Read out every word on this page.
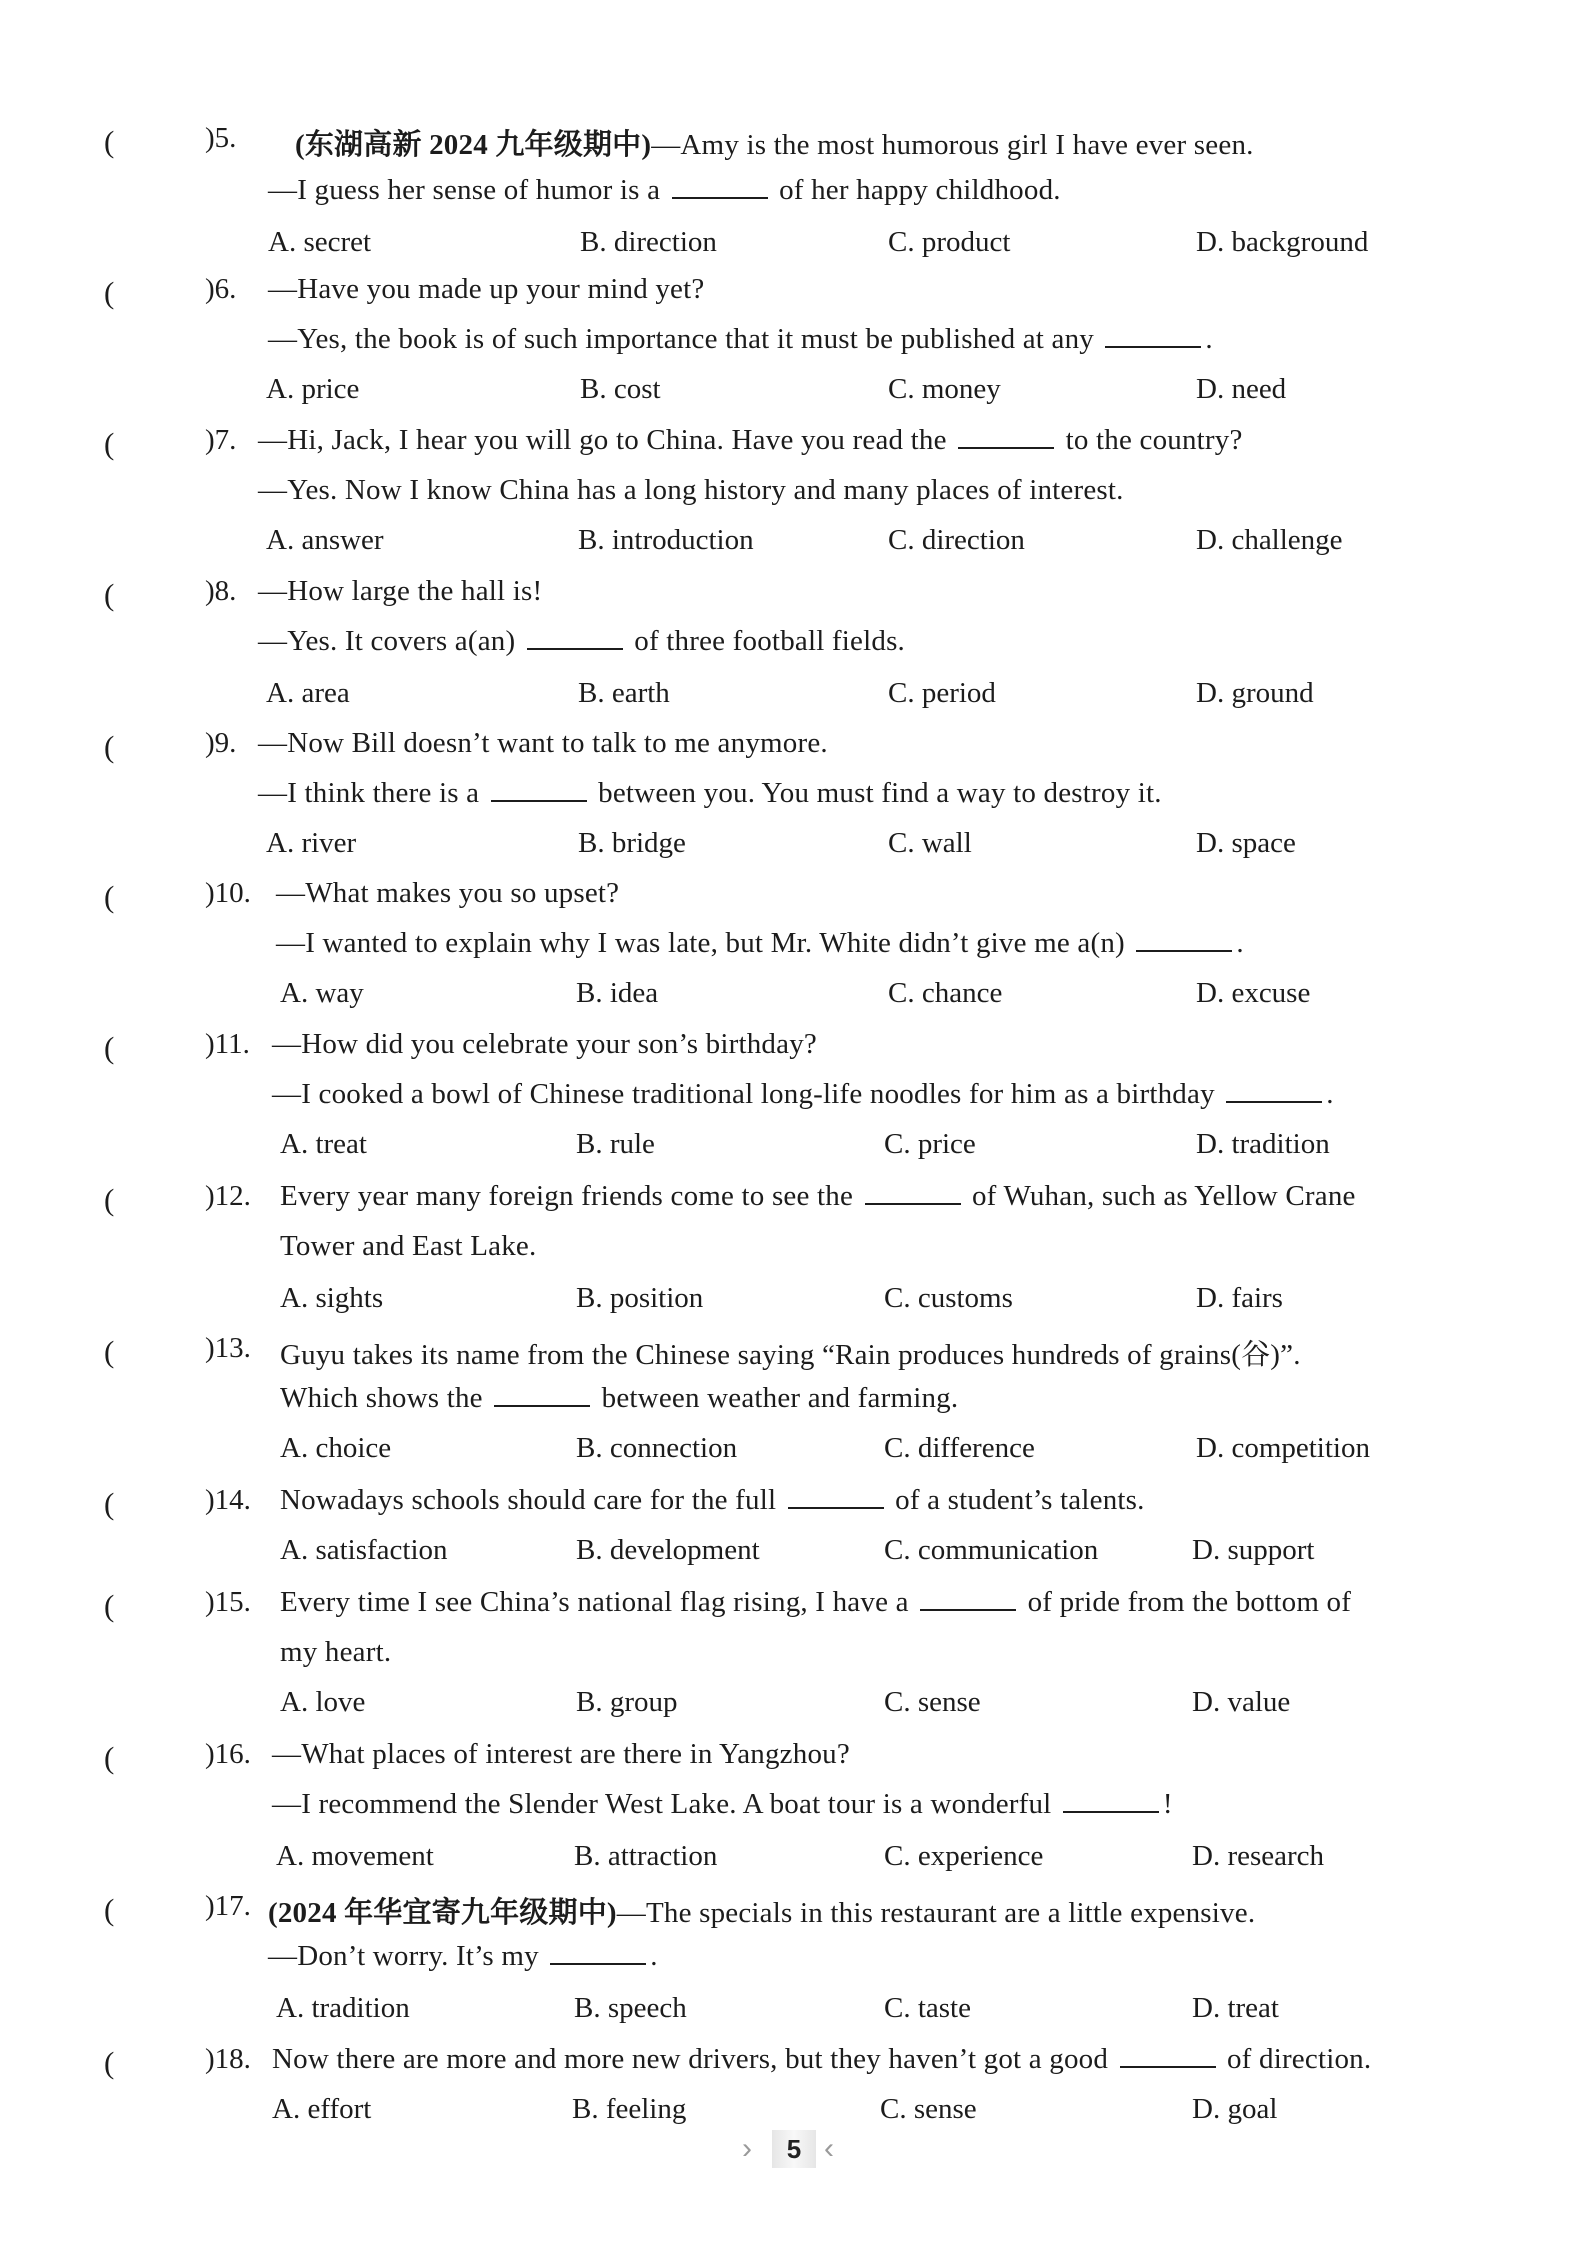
(	)5. (东湖高新 2024 九年级期中)—Amy is the most humorous girl I have ever seen.
—I guess her sense of humor is a	of her happy childhood.
A. secret	B. direction	C. product	D. background
(	)6. —Have you made up your mind yet?
—Yes, the book is of such importance that it must be published at any	.
A. price	B. cost	C. money	D. need
(	)7. —Hi, Jack, I hear you will go to China. Have you read the	to the country?
—Yes. Now I know China has a long history and many places of interest.
A. answer	B. introduction	C. direction	D. challenge
(	)8. —How large the hall is!
—Yes. It covers a(an)	of three football fields.
A. area	B. earth	C. period	D. ground
(	)9. —Now Bill doesn’t want to talk to me anymore.
—I think there is a	between you. You must find a way to destroy it.
A. river	B. bridge	C. wall	D. space
(	)10. —What makes you so upset?
—I wanted to explain why I was late, but Mr. White didn’t give me a(n)	.
A. way	B. idea	C. chance	D. excuse
(	)11. —How did you celebrate your son’s birthday?
—I cooked a bowl of Chinese traditional long-life noodles for him as a birthday	.
A. treat	B. rule	C. price	D. tradition
(	)12. Every year many foreign friends come to see the	of Wuhan, such as Yellow Crane
Tower and East Lake.
A. sights	B. position	C. customs	D. fairs
(	)13. Guyu takes its name from the Chinese saying “Rain produces hundreds of grains(谷)”.
Which shows the	between weather and farming.
A. choice	B. connection	C. difference	D. competition
(	)14. Nowadays schools should care for the full	of a student’s talents.
A. satisfaction	B. development	C. communication	D. support
(	)15. Every time I see China’s national flag rising, I have a	of pride from the bottom of
my heart.
A. love	B. group	C. sense	D. value
(	)16. —What places of interest are there in Yangzhou?
—I recommend the Slender West Lake. A boat tour is a wonderful	!
A. movement	B. attraction	C. experience	D. research
(	)17. (2024 年华宜寄九年级期中)—The specials in this restaurant are a little expensive.
—Don’t worry. It’s my	.
A. tradition	B. speech	C. taste	D. treat
(	)18. Now there are more and more new drivers, but they haven’t got a good	of direction.
A. effort	B. feeling	C. sense	D. goal
›	5 ‹
